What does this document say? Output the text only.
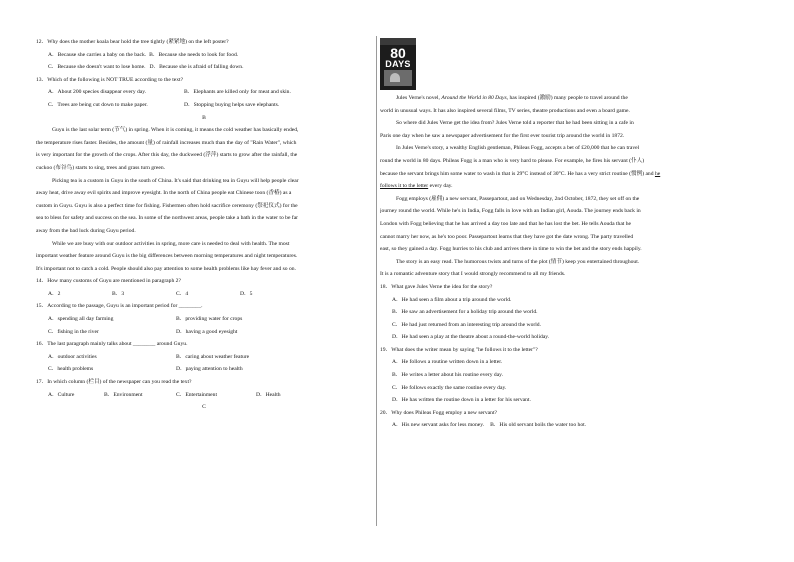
12．Why does the mother koala bear hold the tree tightly (紧紧地) on the left poster?
A．Because she carries a baby on the back. B．Because she needs to look for food.
C．Because she doesn't want to lose home. D．Because she is afraid of falling down.
13．Which of the following is NOT TRUE according to the text?
A．About 200 species disappear every day.	B．Elephants are killed only for meat and skin.
C．Trees are being cut down to make paper.	D．Stopping buying helps save elephants.
B
Guyu is the last solar term (节气) in spring. When it is coming, it means the cold weather has basically ended,
the temperature rises faster. Besides, the amount (量) of rainfall increases much than the day of "Rain Water", which
is very important for the growth of the crops. After this day, the duckweed (浮萍) starts to grow after the rainfall, the
cuckoo (布谷鸟) starts to sing, trees and grass turn green.
Picking tea is a custom in Guyu in the south of China. It's said that drinking tea in Guyu will help people clear
away heat, drive away evil spirits and improve eyesight. In the north of China people eat Chinese toon (香椿) as a
custom in Guyu. Guyu is also a perfect time for fishing. Fishermen often hold sacrifice ceremony (祭祀仪式) for the
sea to bless for safety and success on the sea. In some of the northwest areas, people take a bath in the water to be far
away from the bad luck during Guyu period.
While we are busy with our outdoor activities in spring, more care is needed to deal with health. The most
important weather feature around Guyu is the big differences between morning temperatures and night temperatures.
It's important not to catch a cold. People should also pay attention to some health problems like hay fever and so on.
14．How many customs of Guyu are mentioned in paragraph 2?
A．2	B．3	C．4	D．5
15．According to the passage, Guyu is an important period for ________.
A．spending all day farming	B．providing water for crops
C．fishing in the river	D．having a good eyesight
16．The last paragraph mainly talks about ________ around Guyu.
A．outdoor activities	B．caring about weather feature
C．health problems	D．paying attention to health
17．In which column (栏目) of the newspaper can you read the text?
A．Culture	B．Environment	C．Entertainment	D．Health
C
80
DAYS
Jules Verne's novel, Around the World in 80 Days, has inspired (激励) many people to travel around the
world in unusual ways. It has also inspired several films, TV series, theatre productions and even a board game.
So where did Jules Verne get the idea from? Jules Verne told a reporter that he had been sitting in a cafe in
Paris one day when he saw a newspaper advertisement for the first ever tourist trip around the world in 1872.
In Jules Verne's story, a wealthy English gentleman, Phileas Fogg, accepts a bet of £20,000 that he can travel
round the world in 80 days. Phileas Fogg is a man who is very hard to please. For example, he fires his servant (仆人)
because the servant brings him some water to wash in that is 29°C instead of 30°C. He has a very strict routine (惯例) and he
follows it to the letter every day.
Fogg employs (雇佣) a new servant, Passepartout, and on Wednesday, 2nd October, 1872, they set off on the
journey round the world. While he's in India, Fogg falls in love with an Indian girl, Aouda. The journey ends back in
London with Fogg believing that he has arrived a day too late and that he has lost the bet. He tells Aouda that he
cannot marry her now, as he's too poor. Passepartout learns that they have got the date wrong. The party travelled
east, so they gained a day. Fogg hurries to his club and arrives there in time to win the bet and the story ends happily.
The story is an easy read. The humorous twists and turns of the plot (情节) keep you entertained throughout.
It is a romantic adventure story that I would strongly recommend to all my friends.
18．What gave Jules Verne the idea for the story?
A．He had seen a film about a trip around the world.
B．He saw an advertisement for a holiday trip around the world.
C．He had just returned from an interesting trip around the world.
D．He had seen a play at the theatre about a round-the-world holiday.
19．What does the writer mean by saying "he follows it to the letter"?
A．He follows a routine written down in a letter.
B．He writes a letter about his routine every day.
C．He follows exactly the same routine every day.
D．He has written the routine down in a letter for his servant.
20．Why does Phileas Fogg employ a new servant?
A．His new servant asks for less money. B．His old servant boils the water too hot.
